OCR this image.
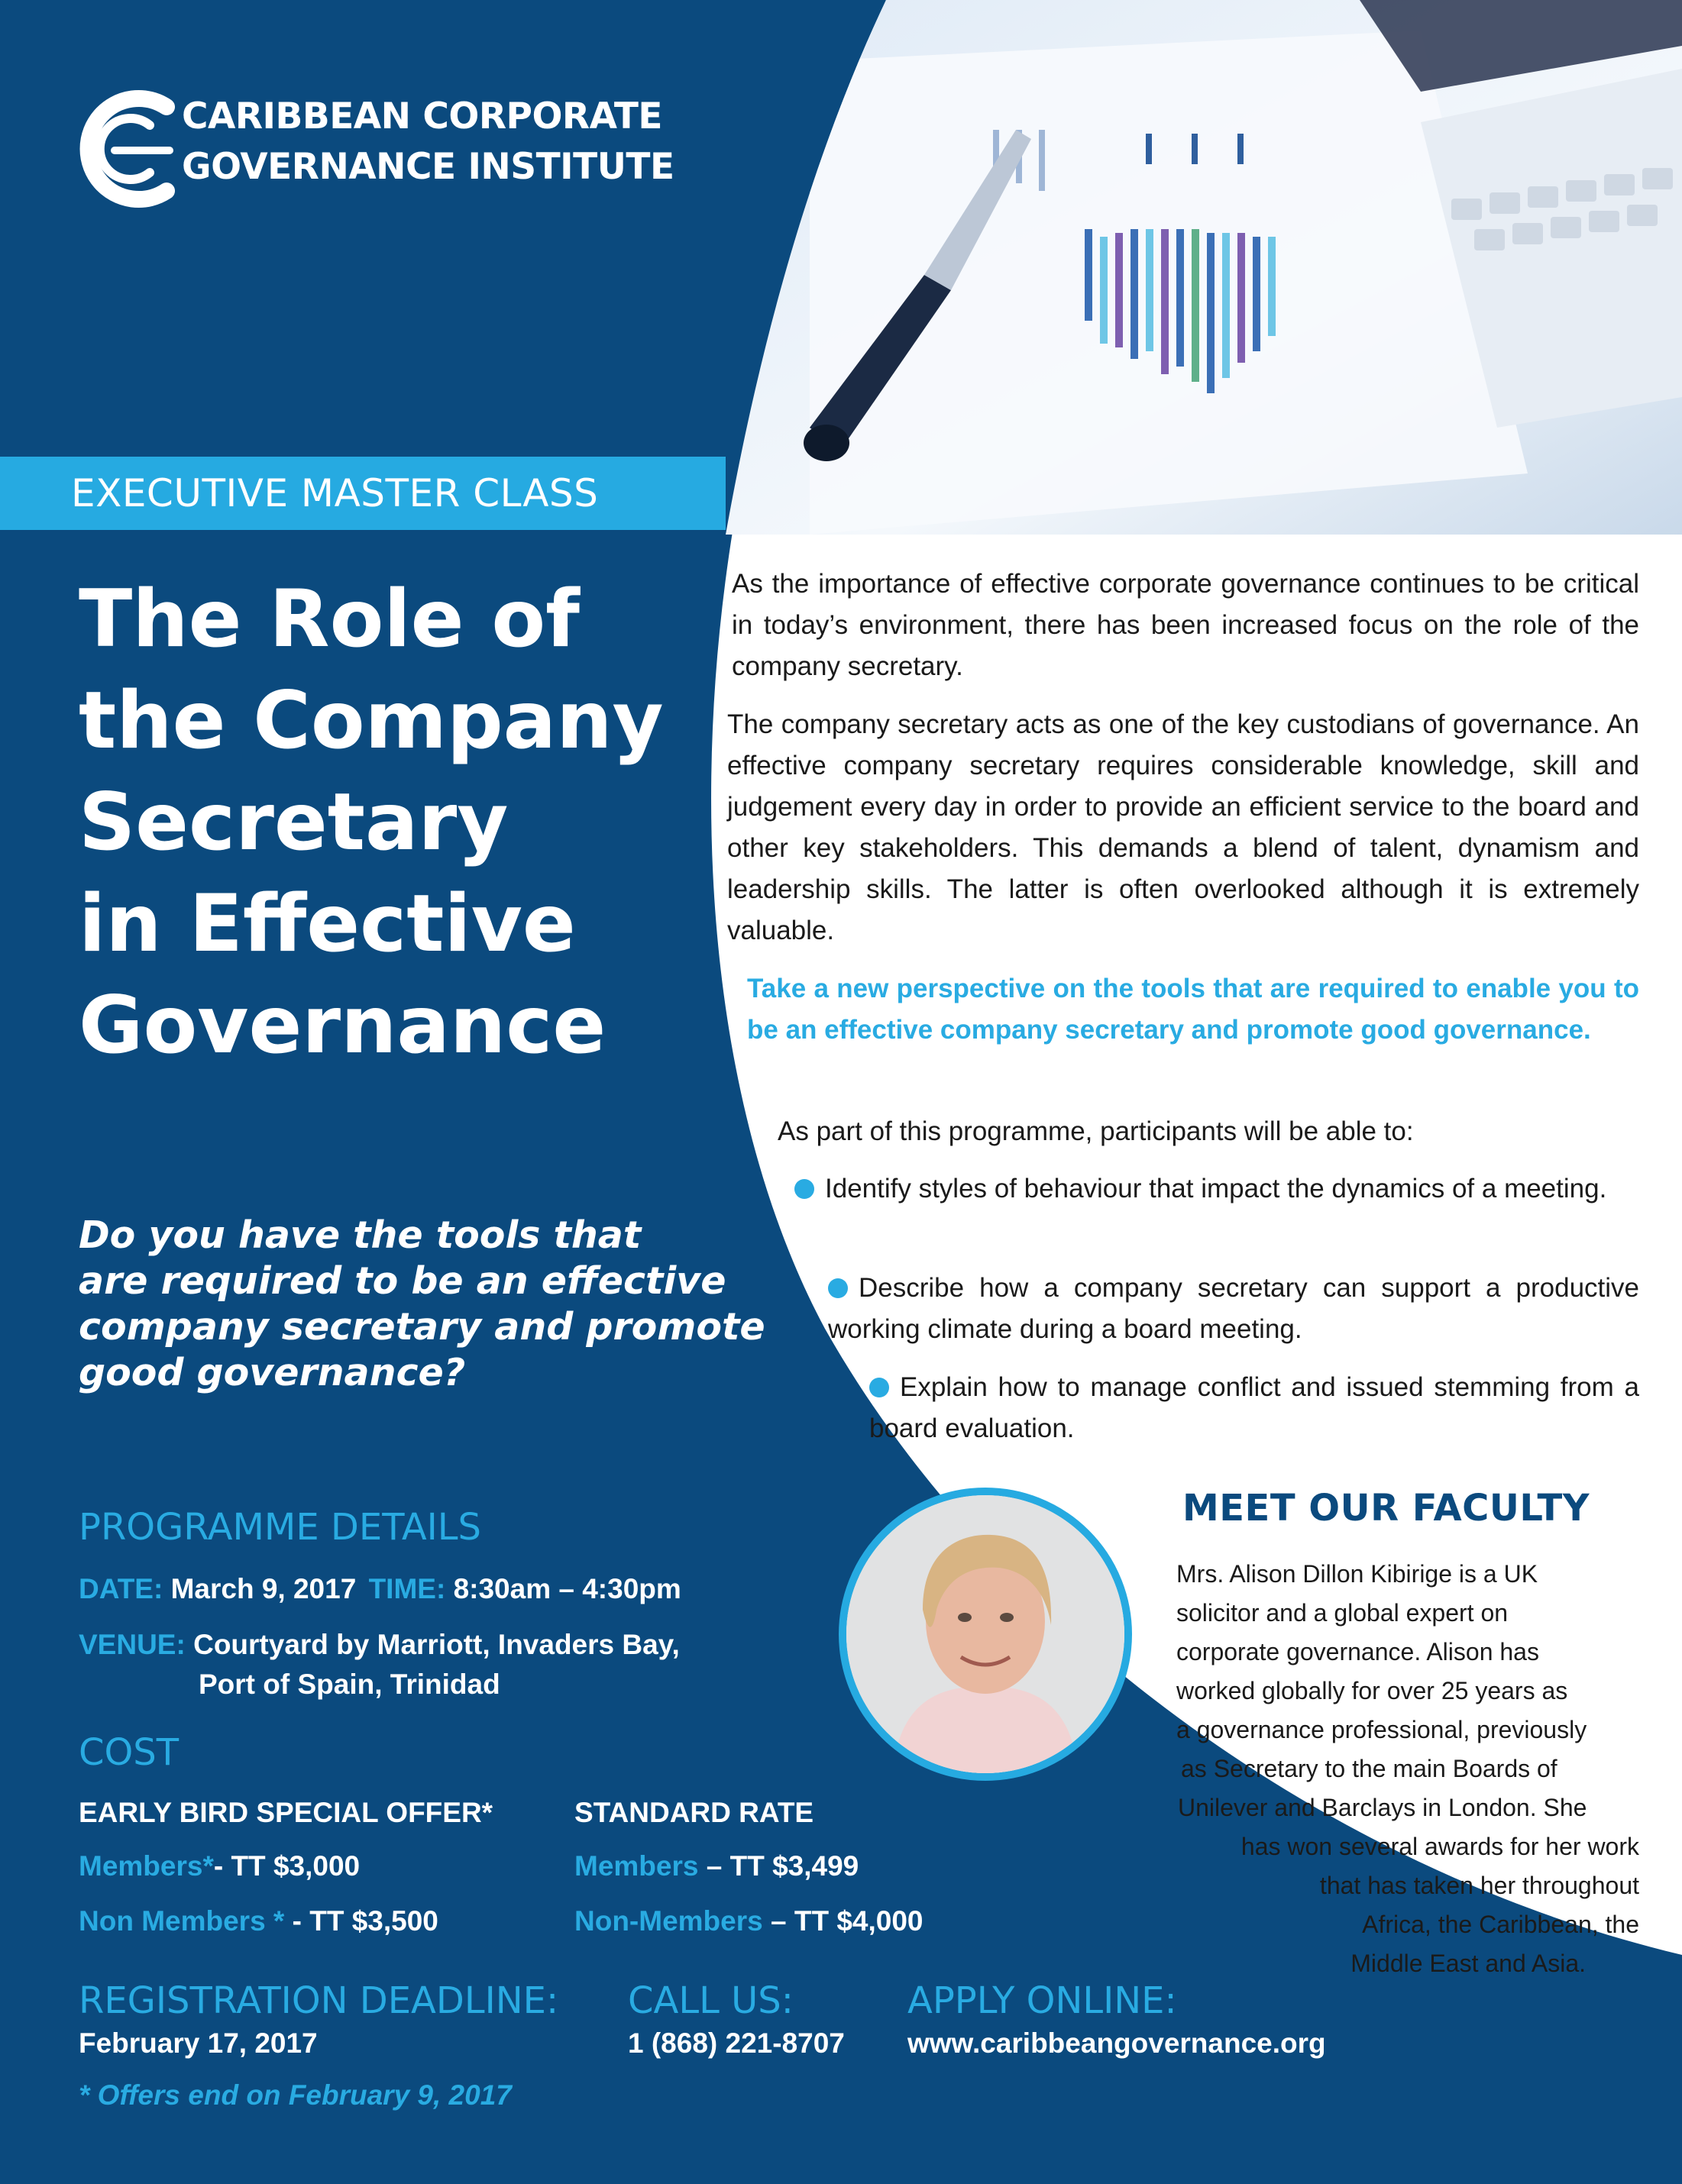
CARIBBEAN CORPORATE
GOVERNANCE INSTITUTE
EXECUTIVE MASTER CLASS
The Role of
the Company
Secretary
in Effective
Governance
Do you have the tools that
are required to be an effective
company secretary and promote
good governance?
PROGRAMME DETAILS
DATE: March 9, 2017 TIME: 8:30am – 4:30pm
VENUE: Courtyard by Marriott, Invaders Bay,
Port of Spain, Trinidad
COST
EARLY BIRD SPECIAL OFFER*
Members*- TT $3,000
Non Members * - TT $3,500
STANDARD RATE
Members – TT $3,499
Non-Members – TT $4,000
REGISTRATION DEADLINE:
February 17, 2017
* Offers end on February 9, 2017
CALL US:
1 (868) 221-8707
APPLY ONLINE:
www.caribbeangovernance.org
As the importance of effective corporate governance continues to be critical in today’s environment, there has been increased focus on the role of the company secretary.
The company secretary acts as one of the key custodians of governance. An effective company secretary requires considerable knowledge, skill and judgement every day in order to provide an efficient service to the board and other key stakeholders. This demands a blend of talent, dynamism and leadership skills. The latter is often overlooked although it is extremely valuable.
Take a new perspective on the tools that are required to enable you to be an effective company secretary and promote good governance.
As part of this programme, participants will be able to:
Identify styles of behaviour that impact the dynamics of a meeting.
Describe how a company secretary can support a productive working climate during a board meeting.
Explain how to manage conflict and issued stemming from a board evaluation.
MEET OUR FACULTY
Mrs. Alison Dillon Kibirige is a UK
solicitor and a global expert on
corporate governance. Alison has
worked globally for over 25 years as
a governance professional, previously
as Secretary to the main Boards of
Unilever and Barclays in London. She
has won several awards for her work
that has taken her throughout
Africa, the Caribbean, the
Middle East and Asia.
